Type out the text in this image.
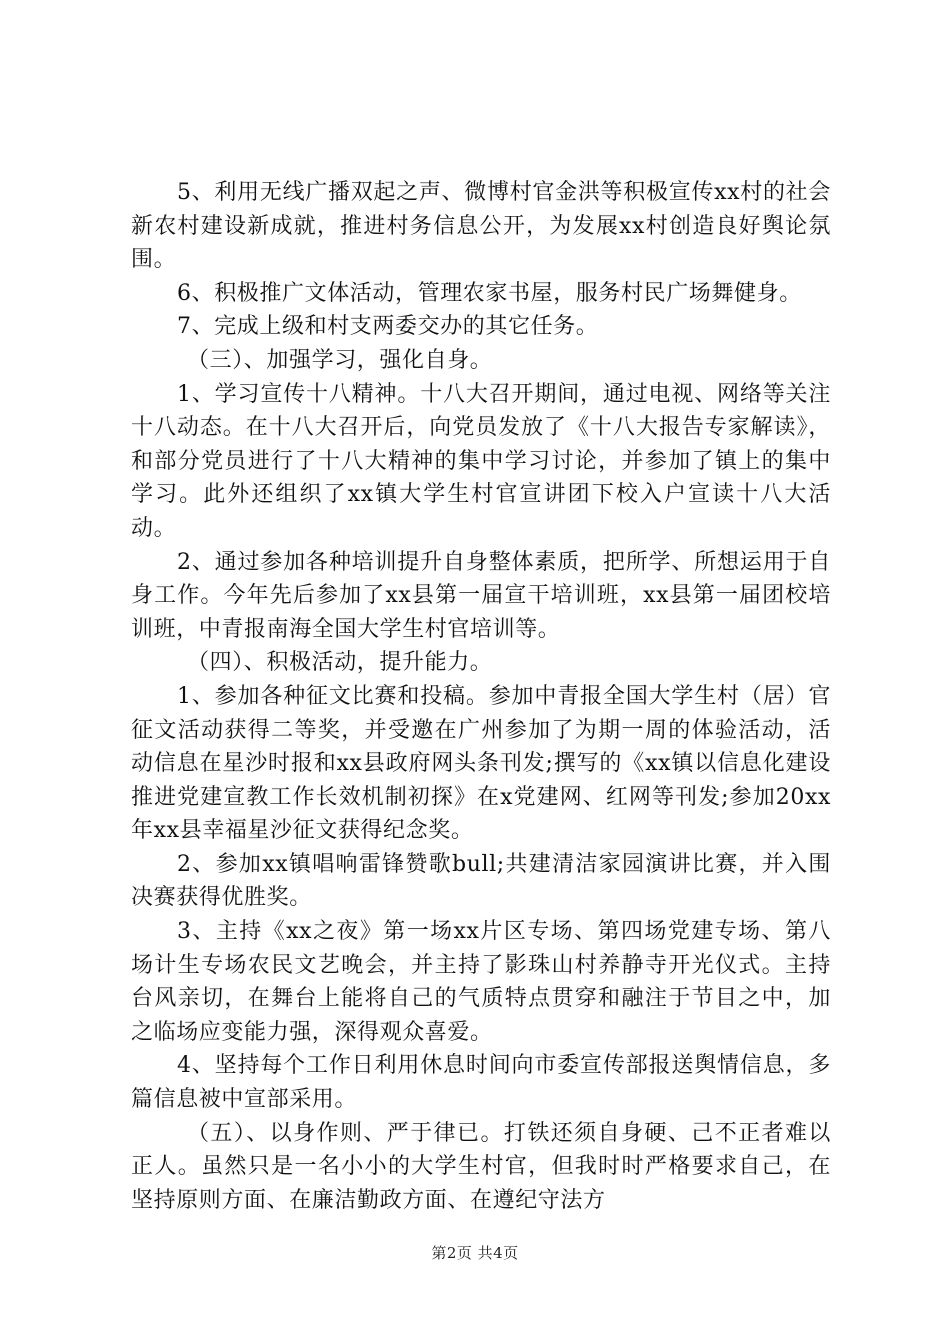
5、利用无线广播双起之声、微博村官金洪等积极宣传xx村的社会新农村建设新成就，推进村务信息公开，为发展xx村创造良好舆论氛围。

6、积极推广文体活动，管理农家书屋，服务村民广场舞健身。

7、完成上级和村支两委交办的其它任务。

（三）、加强学习，强化自身。

1、学习宣传十八精神。十八大召开期间，通过电视、网络等关注十八动态。在十八大召开后，向党员发放了《十八大报告专家解读》，和部分党员进行了十八大精神的集中学习讨论，并参加了镇上的集中学习。此外还组织了xx镇大学生村官宣讲团下校入户宣读十八大活动。

2、通过参加各种培训提升自身整体素质，把所学、所想运用于自身工作。今年先后参加了xx县第一届宣干培训班，xx县第一届团校培训班，中青报南海全国大学生村官培训等。

（四）、积极活动，提升能力。

1、参加各种征文比赛和投稿。参加中青报全国大学生村（居）官征文活动获得二等奖，并受邀在广州参加了为期一周的体验活动，活动信息在星沙时报和xx县政府网头条刊发;撰写的《xx镇以信息化建设推进党建宣教工作长效机制初探》在x党建网、红网等刊发;参加20xx年xx县幸福星沙征文获得纪念奖。

2、参加xx镇唱响雷锋赞歌bull;共建清洁家园演讲比赛，并入围决赛获得优胜奖。

3、主持《xx之夜》第一场xx片区专场、第四场党建专场、第八场计生专场农民文艺晚会，并主持了影珠山村养静寺开光仪式。主持台风亲切，在舞台上能将自己的气质特点贯穿和融注于节目之中，加之临场应变能力强，深得观众喜爱。

4、坚持每个工作日利用休息时间向市委宣传部报送舆情信息，多篇信息被中宣部采用。

（五）、以身作则、严于律已。打铁还须自身硬、己不正者难以正人。虽然只是一名小小的大学生村官，但我时时严格要求自己，在坚持原则方面、在廉洁勤政方面、在遵纪守法方

第2页 共4页
